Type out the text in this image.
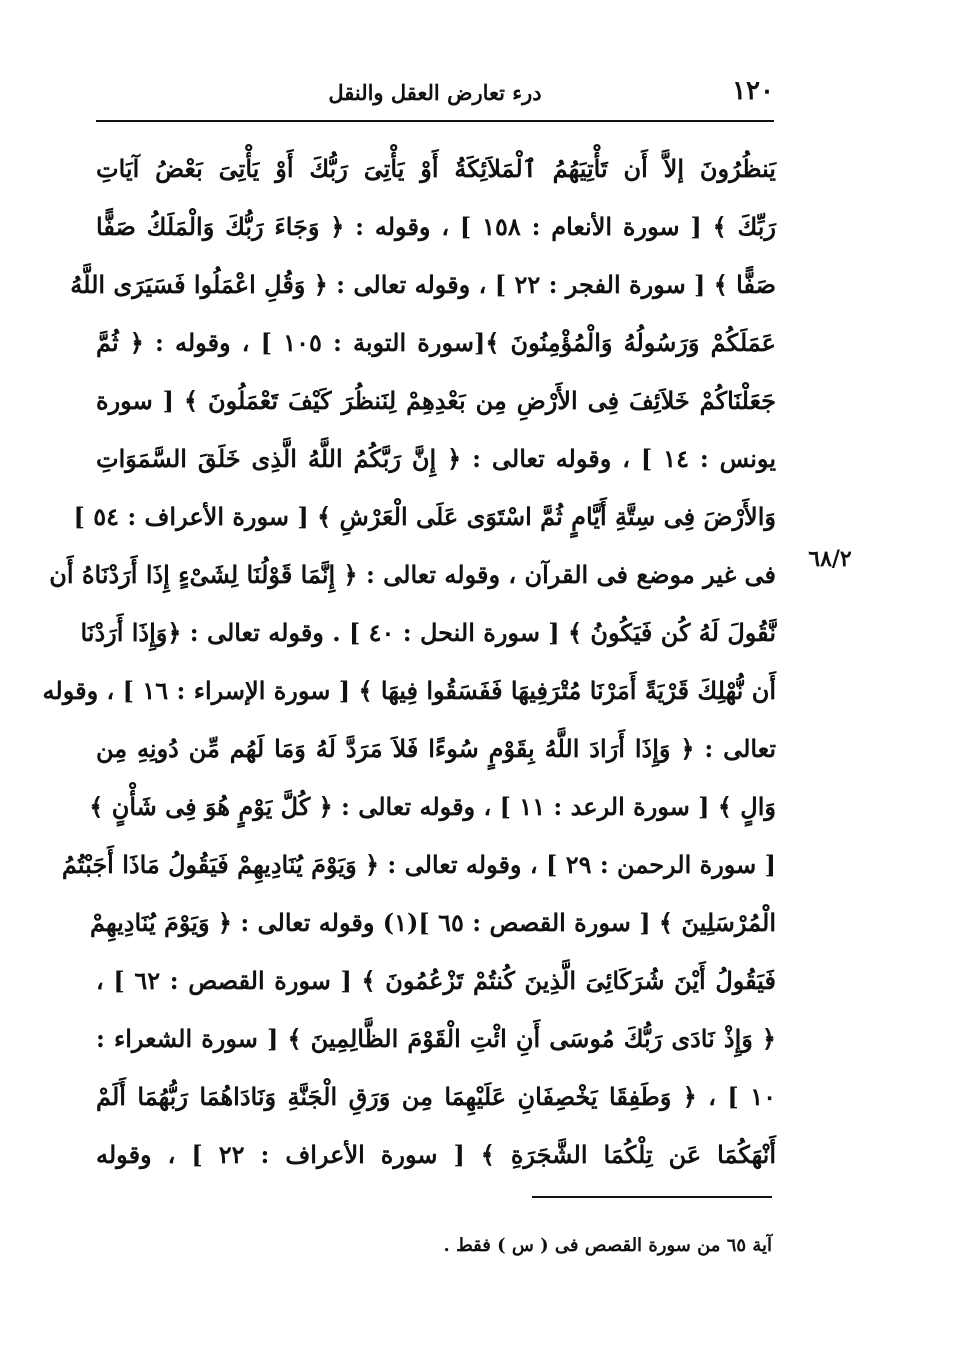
١٢٠
درء تعارض العقل والنقل
يَنظُرُونَ إلاَّ أَن تَأْتِيَهُمُ ٱلْمَلاَئِكَةُ أَوْ يَأْتِىَ رَبُّكَ أَوْ يَأْتِىَ بَعْضُ آيَاتِ
رَبِّكَ ﴾ [ سورة الأنعام : ١٥٨ ] ، وقوله : ﴿ وَجَاءَ رَبُّكَ وَالْمَلَكُ صَفًّا
صَفًّا ﴾ [ سورة الفجر : ٢٢ ] ، وقوله تعالى : ﴿ وَقُلِ اعْمَلُوا فَسَيَرَى اللَّهُ
عَمَلَكُمْ وَرَسُولُهُ وَالْمُؤْمِنُونَ ﴾[سورة التوبة : ١٠٥ ] ، وقوله : ﴿ ثُمَّ
جَعَلْنَاكُمْ خَلاَئِفَ فِى الأَرْضِ مِن بَعْدِهِمْ لِنَنظُرَ كَيْفَ تَعْمَلُونَ ﴾ [ سورة
يونس : ١٤ ] ، وقوله تعالى : ﴿ إِنَّ رَبَّكُمُ اللَّهُ الَّذِى خَلَقَ السَّمَوَاتِ
وَالأَرْضَ فِى سِتَّةِ أَيَّامٍ ثُمَّ اسْتَوَى عَلَى الْعَرْشِ ﴾ [ سورة الأعراف : ٥٤ ]
فى غير موضع فى القرآن ، وقوله تعالى : ﴿ إِنَّمَا قَوْلُنَا لِشَىْءٍ إِذَا أَرَدْنَاهُ أَن
نَّقُولَ لَهُ كُن فَيَكُونُ ﴾ [ سورة النحل : ٤٠ ] . وقوله تعالى : ﴿وَإِذَا أَرَدْنَا
أَن نُّهْلِكَ قَرْيَةً أَمَرْنَا مُتْرَفِيهَا فَفَسَقُوا فِيهَا ﴾ [ سورة الإسراء : ١٦ ] ، وقوله
تعالى : ﴿ وَإِذَا أَرَادَ اللَّهُ بِقَوْمٍ سُوءًا فَلاَ مَرَدَّ لَهُ وَمَا لَهُم مِّن دُونِهِ مِن
وَالٍ ﴾ [ سورة الرعد : ١١ ] ، وقوله تعالى : ﴿ كُلَّ يَوْمٍ هُوَ فِى شَأْنٍ ﴾
[ سورة الرحمن : ٢٩ ] ، وقوله تعالى : ﴿ وَيَوْمَ يُنَادِيهِمْ فَيَقُولُ مَاذَا أَجَبْتُمُ
الْمُرْسَلِينَ ﴾ [ سورة القصص : ٦٥ ](١) وقوله تعالى : ﴿ وَيَوْمَ يُنَادِيهِمْ
فَيَقُولُ أَيْنَ شُرَكَائِىَ الَّذِينَ كُنتُمْ تَزْعُمُونَ ﴾ [ سورة القصص : ٦٢ ] ،
﴿ وَإِذْ نَادَى رَبُّكَ مُوسَى أَنِ ائْتِ الْقَوْمَ الظَّالِمِينَ ﴾ [ سورة الشعراء :
١٠ ] ، ﴿ وَطَفِقَا يَخْصِفَانِ عَلَيْهِمَا مِن وَرَقِ الْجَنَّةِ وَنَادَاهُمَا رَبُّهُمَا أَلَمْ
أَنْهَكُمَا عَن تِلْكُمَا الشَّجَرَةِ ﴾ [ سورة الأعراف : ٢٢ ] ، وقوله
٦٨/٢
آية ٦٥ من سورة القصص فى ( س ) فقط .
